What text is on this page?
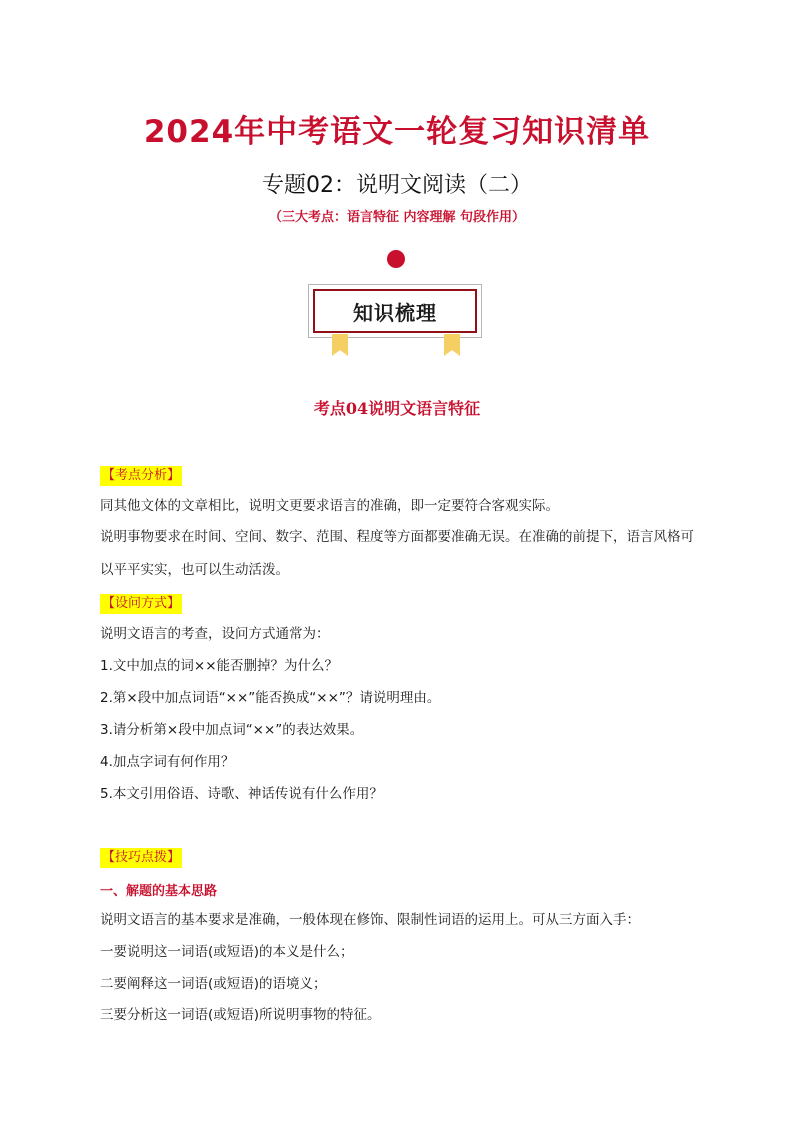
2024年中考语文一轮复习知识清单
专题02：说明文阅读（二）
（三大考点：语言特征 内容理解 句段作用）
知识梳理
考点04说明文语言特征
【考点分析】

同其他文体的文章相比，说明文更要求语言的准确，即一定要符合客观实际。

说明事物要求在时间、空间、数字、范围、程度等方面都要准确无误。在准确的前提下，语言风格可

以平平实实，也可以生动活泼。

【设问方式】

说明文语言的考查，设问方式通常为：

1.文中加点的词××能否删掉？为什么？

2.第×段中加点词语“××”能否换成“××”？请说明理由。

3.请分析第×段中加点词“××”的表达效果。

4.加点字词有何作用？

5.本文引用俗语、诗歌、神话传说有什么作用？

【技巧点拨】
一、解题的基本思路

说明文语言的基本要求是准确，一般体现在修饰、限制性词语的运用上。可从三方面入手：

一要说明这一词语(或短语)的本义是什么；

二要阐释这一词语(或短语)的语境义；

三要分析这一词语(或短语)所说明事物的特征。
